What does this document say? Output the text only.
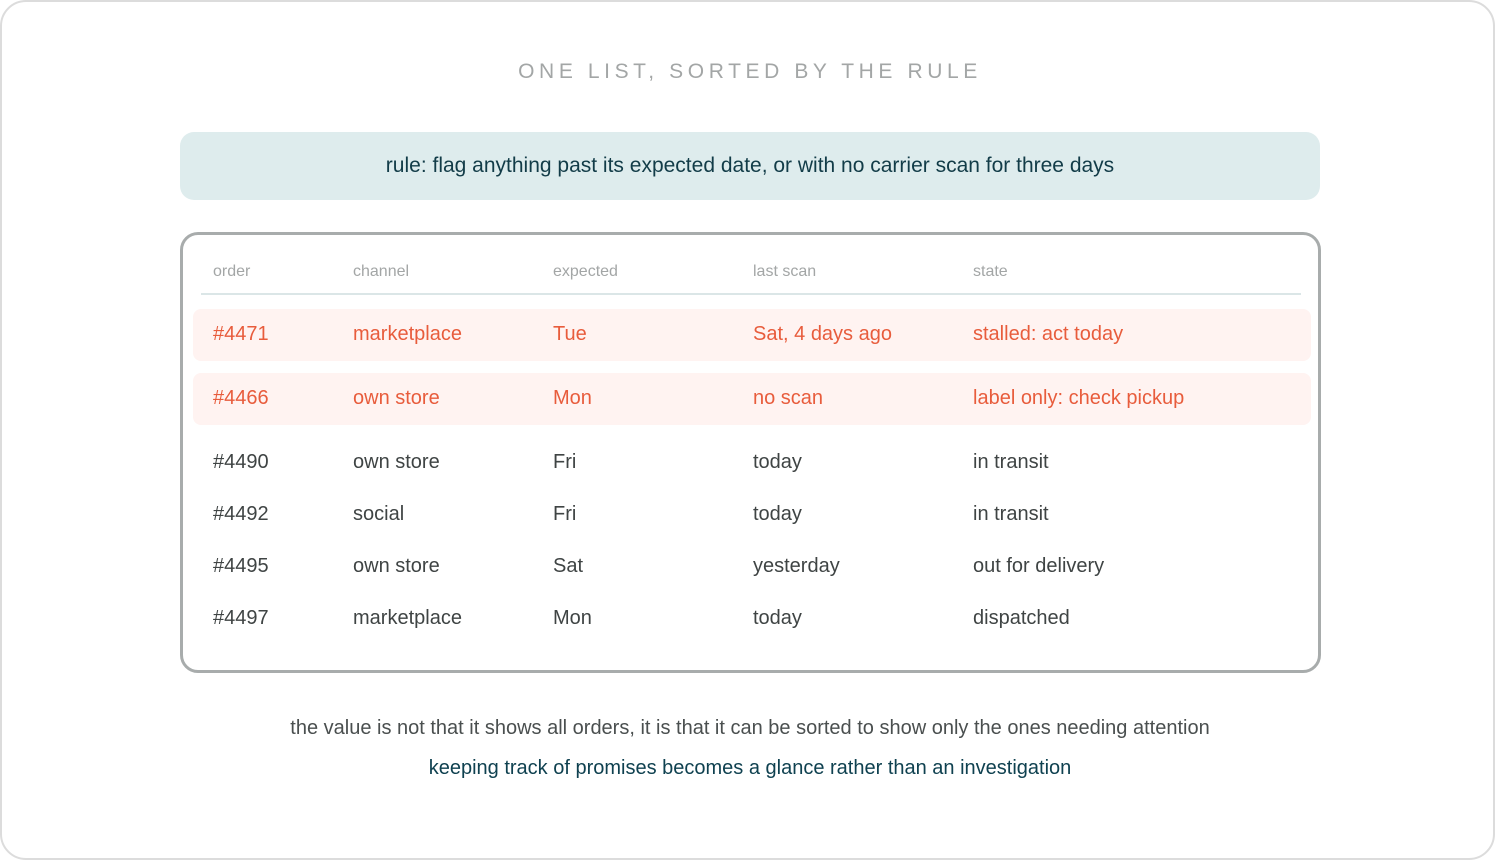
ONE LIST, SORTED BY THE RULE
rule: flag anything past its expected date, or with no carrier scan for three days
order	channel	expected	last scan	state
#4471	marketplace	Tue	Sat, 4 days ago	stalled: act today
#4466	own store	Mon	no scan	label only: check pickup
#4490	own store	Fri	today	in transit
#4492	social	Fri	today	in transit
#4495	own store	Sat	yesterday	out for delivery
#4497	marketplace	Mon	today	dispatched
the value is not that it shows all orders, it is that it can be sorted to show only the ones needing attention
keeping track of promises becomes a glance rather than an investigation
